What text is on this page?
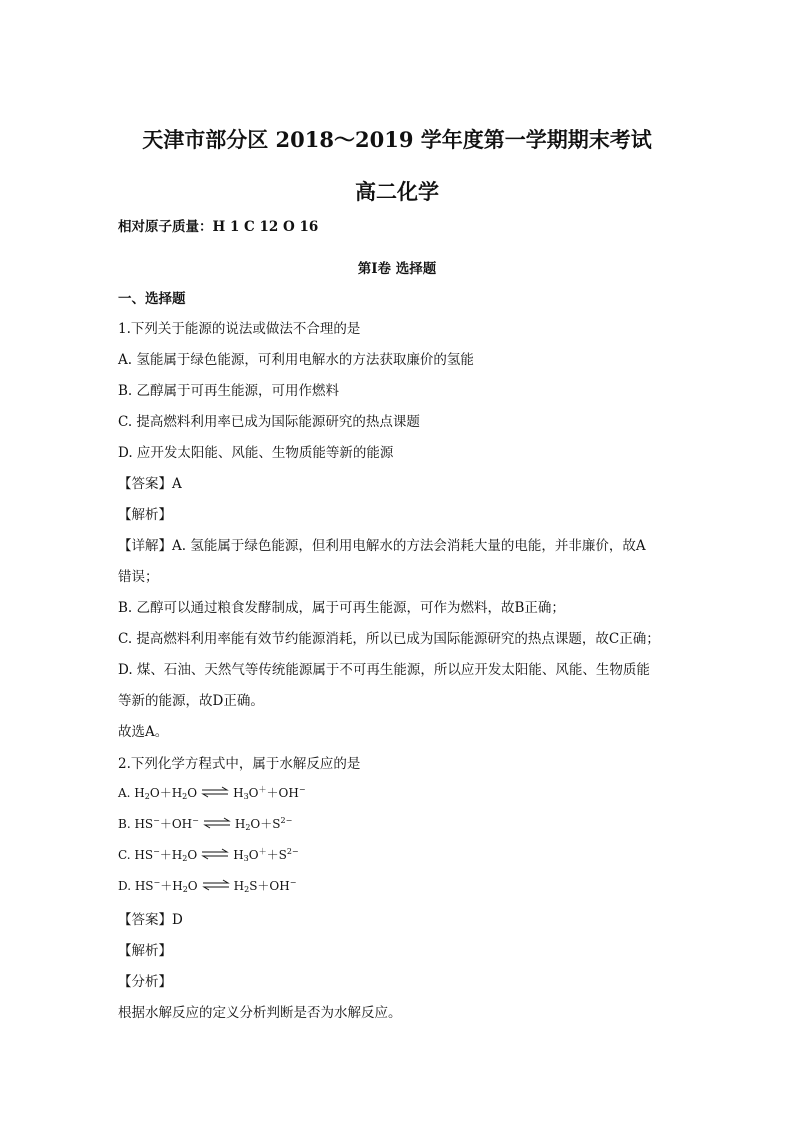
天津市部分区 2018～2019 学年度第一学期期末考试
高二化学
相对原子质量：H 1 C 12 O 16
第Ⅰ卷 选择题
一、选择题
1.下列关于能源的说法或做法不合理的是
A. 氢能属于绿色能源，可利用电解水的方法获取廉价的氢能
B. 乙醇属于可再生能源，可用作燃料
C. 提高燃料利用率已成为国际能源研究的热点课题
D. 应开发太阳能、风能、生物质能等新的能源
【答案】A
【解析】
【详解】A. 氢能属于绿色能源，但利用电解水的方法会消耗大量的电能，并非廉价，故A
错误；
B. 乙醇可以通过粮食发酵制成，属于可再生能源，可作为燃料，故B正确；
C. 提高燃料利用率能有效节约能源消耗，所以已成为国际能源研究的热点课题，故C正确；
D. 煤、石油、天然气等传统能源属于不可再生能源，所以应开发太阳能、风能、生物质能
等新的能源，故D正确。
故选A。
2.下列化学方程式中，属于水解反应的是
A. $H_2O+H_2O$ ⇌ $H_3O^++OH^-$
B. HS−＋OH− ⇌ $H_2O+S^{2-}$
C. $HS^-+H_2O$ ⇌ $H_3O^++S^{2-}$
D. $HS^-+H_2O$ ⇌ $H_2S+OH^-$
【答案】D
【解析】
【分析】
根据水解反应的定义分析判断是否为水解反应。
